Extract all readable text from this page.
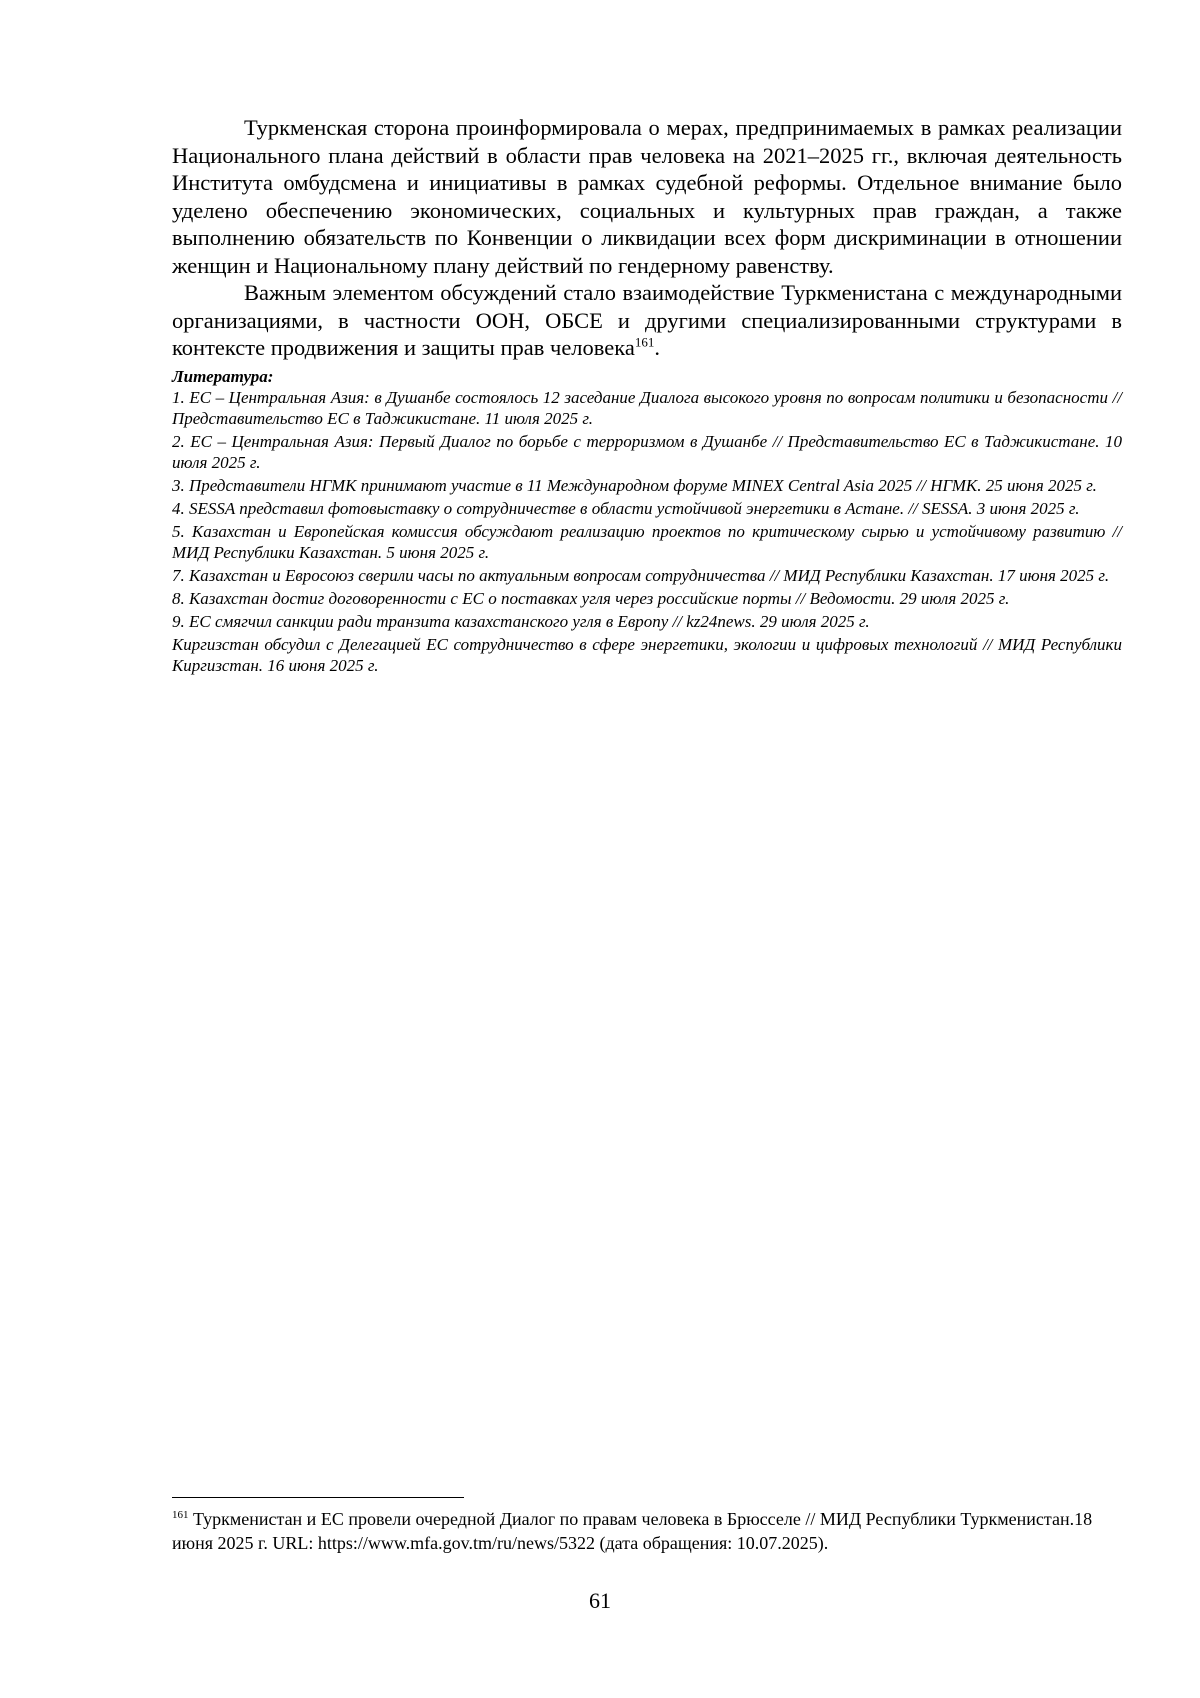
Туркменская сторона проинформировала о мерах, предпринимаемых в рамках реализации Национального плана действий в области прав человека на 2021–2025 гг., включая деятельность Института омбудсмена и инициативы в рамках судебной реформы. Отдельное внимание было уделено обеспечению экономических, социальных и культурных прав граждан, а также выполнению обязательств по Конвенции о ликвидации всех форм дискриминации в отношении женщин и Национальному плану действий по гендерному равенству.

Важным элементом обсуждений стало взаимодействие Туркменистана с международными организациями, в частности ООН, ОБСЕ и другими специализированными структурами в контексте продвижения и защиты прав человека$^{161}$.

Литература:
1. ЕС – Центральная Азия: в Душанбе состоялось 12 заседание Диалога высокого уровня по вопросам политики и безопасности // Представительство ЕС в Таджикистане. 11 июля 2025 г.
2. ЕС – Центральная Азия: Первый Диалог по борьбе с терроризмом в Душанбе // Представительство ЕС в Таджикистане. 10 июля 2025 г.
3. Представители НГМК принимают участие в 11 Международном форуме MINEX Central Asia 2025 // НГМК. 25 июня 2025 г.
4. SESSA представил фотовыставку о сотрудничестве в области устойчивой энергетики в Астане. // SESSA. 3 июня 2025 г.
5. Казахстан и Европейская комиссия обсуждают реализацию проектов по критическому сырью и устойчивому развитию // МИД Республики Казахстан. 5 июня 2025 г.
7. Казахстан и Евросоюз сверили часы по актуальным вопросам сотрудничества // МИД Республики Казахстан. 17 июня 2025 г.
8. Казахстан достиг договоренности с ЕС о поставках угля через российские порты // Ведомости. 29 июля 2025 г.
9. ЕС смягчил санкции ради транзита казахстанского угля в Европу // kz24news. 29 июля 2025 г.
Киргизстан обсудил с Делегацией ЕС сотрудничество в сфере энергетики, экологии и цифровых технологий // МИД Республики Киргизстан. 16 июня 2025 г.
$^{161}$ Туркменистан и ЕС провели очередной Диалог по правам человека в Брюсселе // МИД Республики Туркменистан.18 июня 2025 г. URL: https://www.mfa.gov.tm/ru/news/5322 (дата обращения: 10.07.2025).
61
